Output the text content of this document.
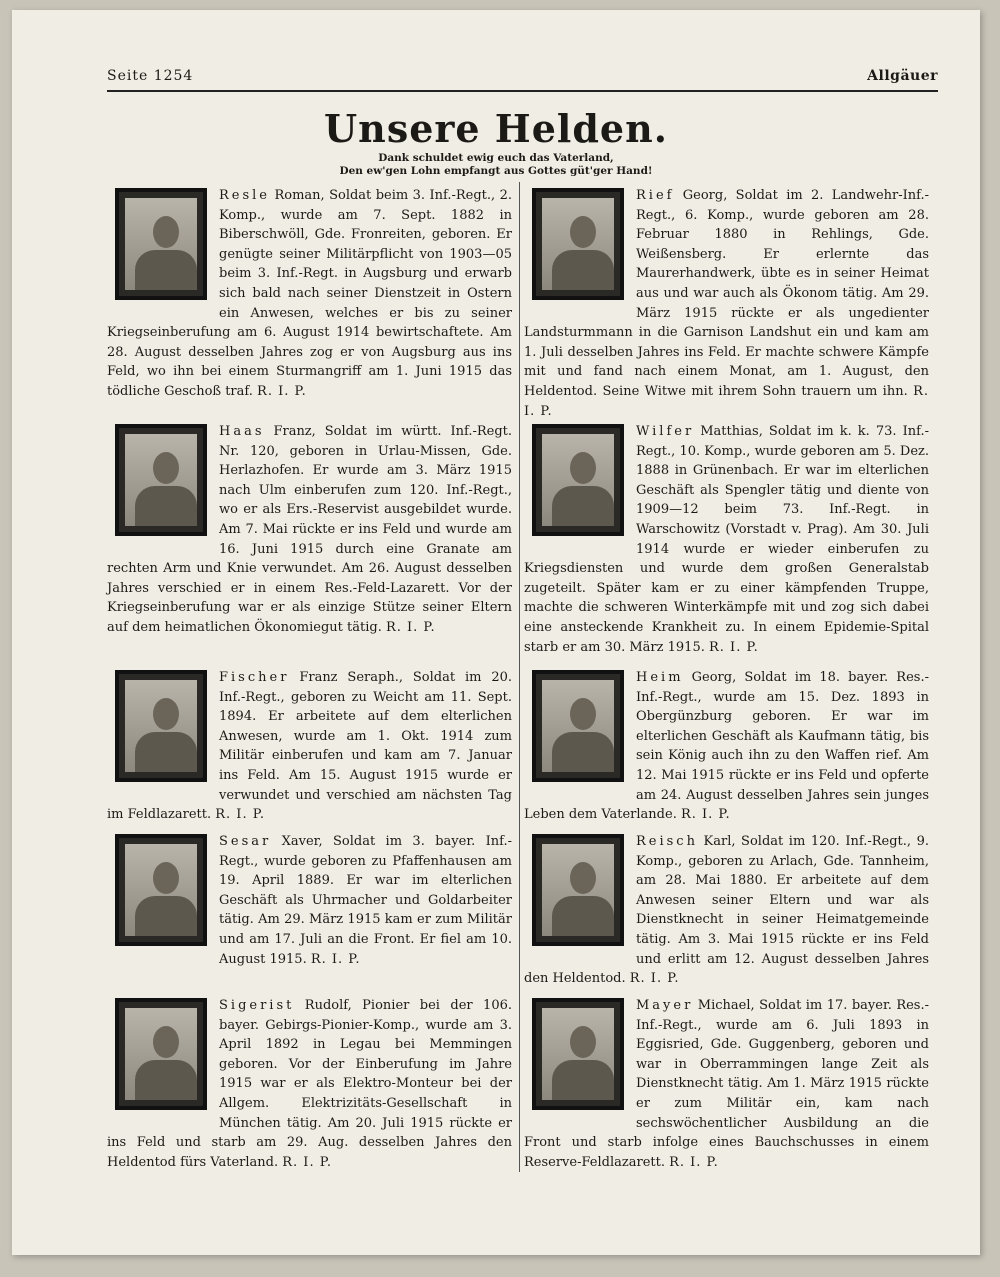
Seite 1254	Allgäuer
Unsere Helden.
Dank schuldet ewig euch das Vaterland,
Den ew'gen Lohn empfangt aus Gottes güt'ger Hand!

Resle Roman, Soldat beim 3. Inf.-Regt., 2. Komp., wurde am 7. Sept. 1882 in Biberschwöll, Gde. Fronreiten, geboren. Er genügte seiner Militärpflicht von 1903—05 beim 3. Inf.-Regt. in Augsburg und erwarb sich bald nach seiner Dienstzeit in Ostern ein Anwesen, welches er bis zu seiner Kriegseinberufung am 6. August 1914 bewirtschaftete. Am 28. August desselben Jahres zog er von Augsburg aus ins Feld, wo ihn bei einem Sturmangriff am 1. Juni 1915 das tödliche Geschoß traf. R. I. P.

Haas Franz, Soldat im württ. Inf.-Regt. Nr. 120, geboren in Urlau-Missen, Gde. Herlazhofen. Er wurde am 3. März 1915 nach Ulm einberufen zum 120. Inf.-Regt., wo er als Ers.-Reservist ausgebildet wurde. Am 7. Mai rückte er ins Feld und wurde am 16. Juni 1915 durch eine Granate am rechten Arm und Knie verwundet. Am 26. August desselben Jahres verschied er in einem Res.-Feld-Lazarett. Vor der Kriegseinberufung war er als einzige Stütze seiner Eltern auf dem heimatlichen Ökonomiegut tätig. R. I. P.

Fischer Franz Seraph., Soldat im 20. Inf.-Regt., geboren zu Weicht am 11. Sept. 1894. Er arbeitete auf dem elterlichen Anwesen, wurde am 1. Okt. 1914 zum Militär einberufen und kam am 7. Januar ins Feld. Am 15. August 1915 wurde er verwundet und verschied am nächsten Tag im Feldlazarett. R. I. P.

Sesar Xaver, Soldat im 3. bayer. Inf.-Regt., wurde geboren zu Pfaffenhausen am 19. April 1889. Er war im elterlichen Geschäft als Uhrmacher und Goldarbeiter tätig. Am 29. März 1915 kam er zum Militär und am 17. Juli an die Front. Er fiel am 10. August 1915. R. I. P.

Sigerist Rudolf, Pionier bei der 106. bayer. Gebirgs-Pionier-Komp., wurde am 3. April 1892 in Legau bei Memmingen geboren. Vor der Einberufung im Jahre 1915 war er als Elektro-Monteur bei der Allgem. Elektrizitäts-Gesellschaft in München tätig. Am 20. Juli 1915 rückte er ins Feld und starb am 29. Aug. desselben Jahres den Heldentod fürs Vaterland. R. I. P.

Rief Georg, Soldat im 2. Landwehr-Inf.-Regt., 6. Komp., wurde geboren am 28. Februar 1880 in Rehlings, Gde. Weißensberg. Er erlernte das Maurerhandwerk, übte es in seiner Heimat aus und war auch als Ökonom tätig. Am 29. März 1915 rückte er als ungedienter Landsturmmann in die Garnison Landshut ein und kam am 1. Juli desselben Jahres ins Feld. Er machte schwere Kämpfe mit und fand nach einem Monat, am 1. August, den Heldentod. Seine Witwe mit ihrem Sohn trauern um ihn. R. I. P.

Wilfer Matthias, Soldat im k. k. 73. Inf.-Regt., 10. Komp., wurde geboren am 5. Dez. 1888 in Grünenbach. Er war im elterlichen Geschäft als Spengler tätig und diente von 1909—12 beim 73. Inf.-Regt. in Warschowitz (Vorstadt v. Prag). Am 30. Juli 1914 wurde er wieder einberufen zu Kriegsdiensten und wurde dem großen Generalstab zugeteilt. Später kam er zu einer kämpfenden Truppe, machte die schweren Winterkämpfe mit und zog sich dabei eine ansteckende Krankheit zu. In einem Epidemie-Spital starb er am 30. März 1915. R. I. P.

Heim Georg, Soldat im 18. bayer. Res.-Inf.-Regt., wurde am 15. Dez. 1893 in Obergünzburg geboren. Er war im elterlichen Geschäft als Kaufmann tätig, bis sein König auch ihn zu den Waffen rief. Am 12. Mai 1915 rückte er ins Feld und opferte am 24. August desselben Jahres sein junges Leben dem Vaterlande. R. I. P.

Reisch Karl, Soldat im 120. Inf.-Regt., 9. Komp., geboren zu Arlach, Gde. Tannheim, am 28. Mai 1880. Er arbeitete auf dem Anwesen seiner Eltern und war als Dienstknecht in seiner Heimatgemeinde tätig. Am 3. Mai 1915 rückte er ins Feld und erlitt am 12. August desselben Jahres den Heldentod. R. I. P.

Mayer Michael, Soldat im 17. bayer. Res.-Inf.-Regt., wurde am 6. Juli 1893 in Eggisried, Gde. Guggenberg, geboren und war in Oberrammingen lange Zeit als Dienstknecht tätig. Am 1. März 1915 rückte er zum Militär ein, kam nach sechswöchentlicher Ausbildung an die Front und starb infolge eines Bauchschusses in einem Reserve-Feldlazarett. R. I. P.
